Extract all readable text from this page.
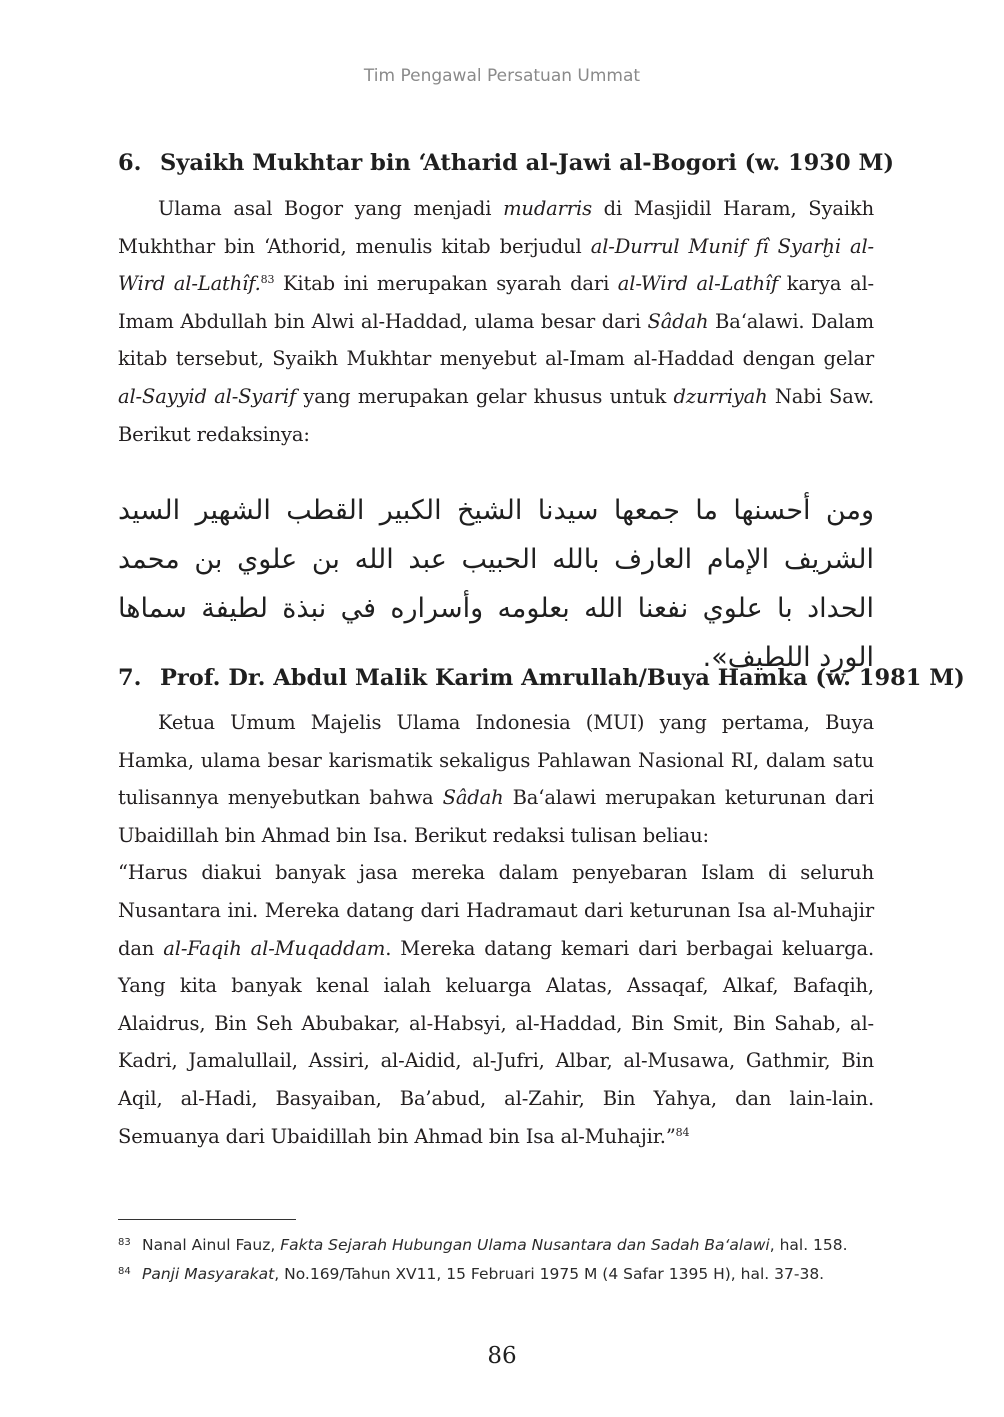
Tim Pengawal Persatuan Ummat
6. Syaikh Mukhtar bin ‘Atharid al-Jawi al-Bogori (w. 1930 M)

Ulama asal Bogor yang menjadi mudarris di Masjidil Haram, Syaikh Mukhthar bin ‘Athorid, menulis kitab berjudul al-Durrul Munif fî Syarḫi al-Wird al-Lathîf.$^{83}$ Kitab ini merupakan syarah dari al-Wird al-Lathîf karya al-Imam Abdullah bin Alwi al-Haddad, ulama besar dari Sâdah Ba‘alawi. Dalam kitab tersebut, Syaikh Mukhtar menyebut al-Imam al-Haddad dengan gelar al-Sayyid al-Syarif yang merupakan gelar khusus untuk dzurriyah Nabi Saw. Berikut redaksinya:

ومن أحسنها ما جمعها سيدنا الشيخ الكبير القطب الشهير السيد الشريف الإمام العارف بالله الحبيب عبد الله بن علوي بن محمد الحداد با علوي نفعنا الله بعلومه وأسراره في نبذة لطيفة سماها الورد اللطيف».
7. Prof. Dr. Abdul Malik Karim Amrullah/Buya Hamka (w. 1981 M)

Ketua Umum Majelis Ulama Indonesia (MUI) yang pertama, Buya Hamka, ulama besar karismatik sekaligus Pahlawan Nasional RI, dalam satu tulisannya menyebutkan bahwa Sâdah Ba‘alawi merupakan keturunan dari Ubaidillah bin Ahmad bin Isa. Berikut redaksi tulisan beliau:

“Harus diakui banyak jasa mereka dalam penyebaran Islam di seluruh Nusantara ini. Mereka datang dari Hadramaut dari keturunan Isa al-Muhajir dan al-Faqih al-Muqaddam. Mereka datang kemari dari berbagai keluarga. Yang kita banyak kenal ialah keluarga Alatas, Assaqaf, Alkaf, Bafaqih, Alaidrus, Bin Seh Abubakar, al-Habsyi, al-Haddad, Bin Smit, Bin Sahab, al-Kadri, Jamalullail, Assiri, al-Aidid, al-Jufri, Albar, al-Musawa, Gathmir, Bin Aqil, al-Hadi, Basyaiban, Ba’abud, al-Zahir, Bin Yahya, dan lain-lain. Semuanya dari Ubaidillah bin Ahmad bin Isa al-Muhajir.”$^{84}$

83 Nanal Ainul Fauz, Fakta Sejarah Hubungan Ulama Nusantara dan Sadah Ba‘alawi, hal. 158.
84 Panji Masyarakat, No.169/Tahun XV11, 15 Februari 1975 M (4 Safar 1395 H), hal. 37-38.
86
